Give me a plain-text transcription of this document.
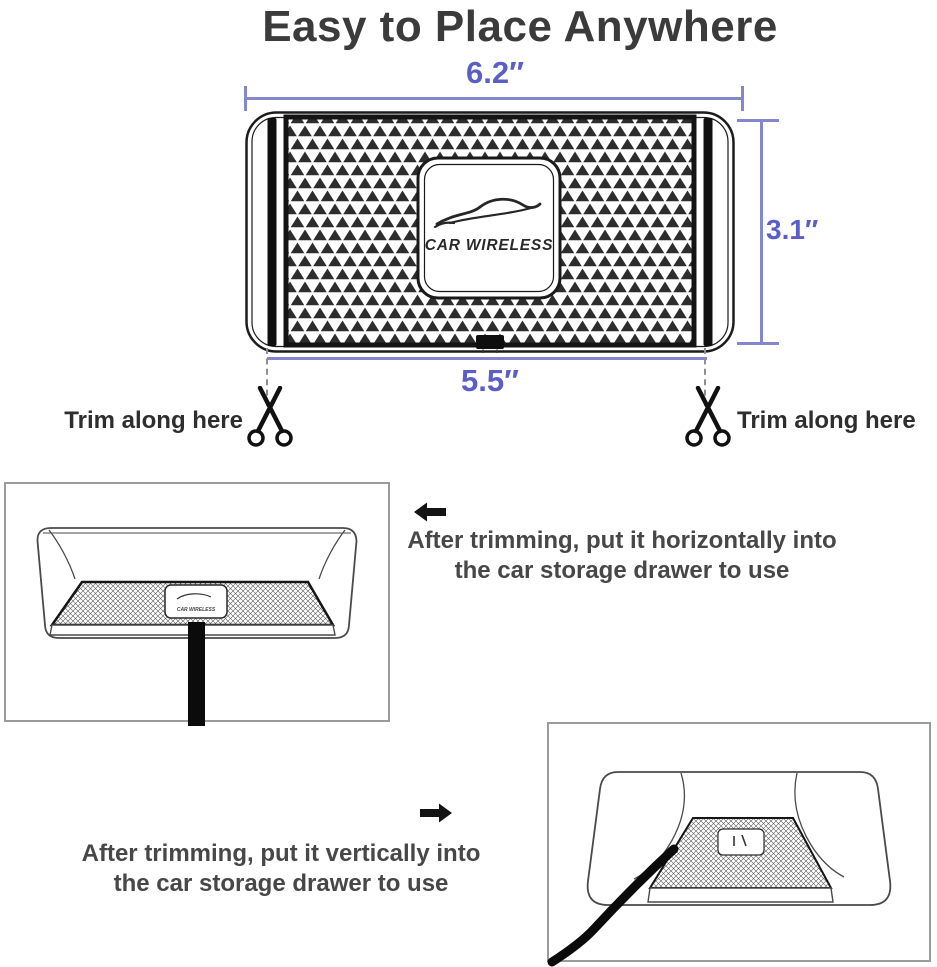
Easy to Place Anywhere
6.2″
CAR WIRELESS
3.1″
5.5″
Trim along here	Trim along here
CAR WIRELESS
After trimming, put it horizontally into
the car storage drawer to use
After trimming, put it vertically into
the car storage drawer to use
